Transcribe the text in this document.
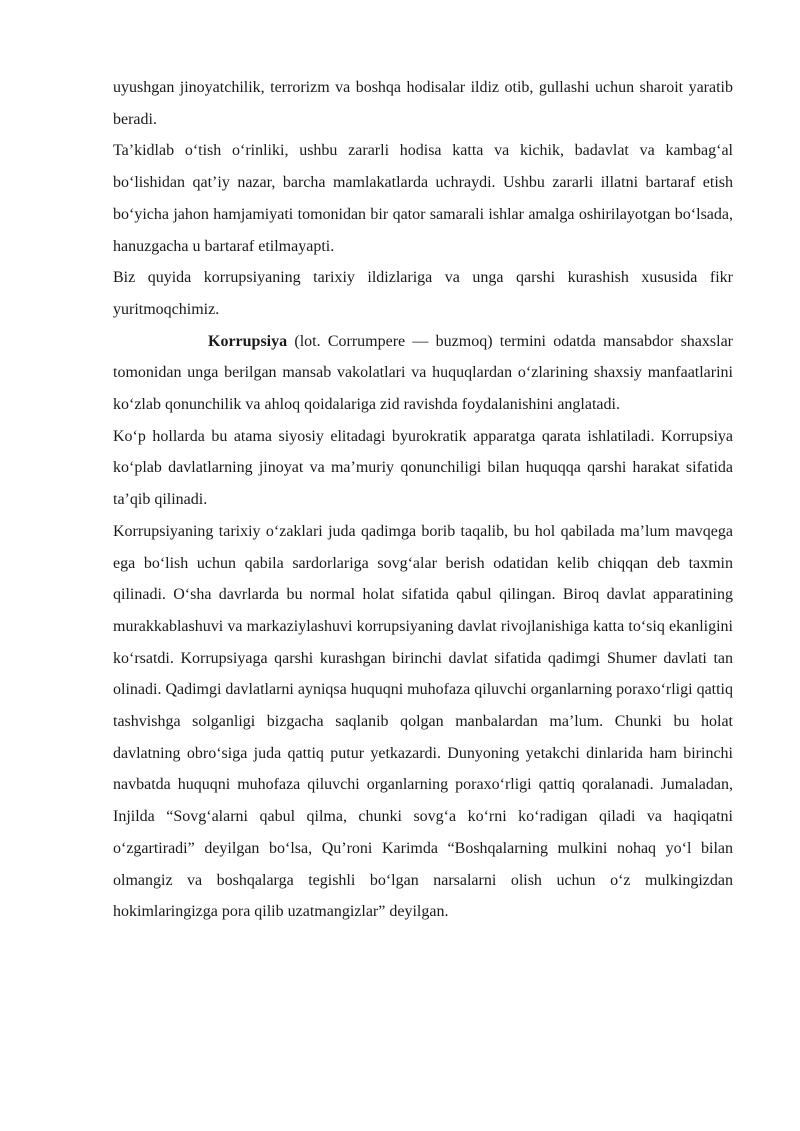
uyushgan jinoyatchilik, terrorizm va boshqa hodisalar ildiz otib, gullashi uchun sharoit yaratib beradi.

Ta’kidlab o‘tish o‘rinliki, ushbu zararli hodisa katta va kichik, badavlat va kambag‘al bo‘lishidan qat’iy nazar, barcha mamlakatlarda uchraydi. Ushbu zararli illatni bartaraf etish bo‘yicha jahon hamjamiyati tomonidan bir qator samarali ishlar amalga oshirilayotgan bo‘lsada, hanuzgacha u bartaraf etilmayapti.

Biz quyida korrupsiyaning tarixiy ildizlariga va unga qarshi kurashish xususida fikr yuritmoqchimiz.

Korrupsiya (lot. Corrumpere — buzmoq) termini odatda mansabdor shaxslar tomonidan unga berilgan mansab vakolatlari va huquqlardan o‘zlarining shaxsiy manfaatlarini ko‘zlab qonunchilik va ahloq qoidalariga zid ravishda foydalanishini anglatadi.

Ko‘p hollarda bu atama siyosiy elitadagi byurokratik apparatga qarata ishlatiladi. Korrupsiya ko‘plab davlatlarning jinoyat va ma’muriy qonunchiligi bilan huquqqa qarshi harakat sifatida ta’qib qilinadi.

Korrupsiyaning tarixiy o‘zaklari juda qadimga borib taqalib, bu hol qabilada ma’lum mavqega ega bo‘lish uchun qabila sardorlariga sovg‘alar berish odatidan kelib chiqqan deb taxmin qilinadi. O‘sha davrlarda bu normal holat sifatida qabul qilingan. Biroq davlat apparatining murakkablashuvi va markaziylashuvi korrupsiyaning davlat rivojlanishiga katta to‘siq ekanligini ko‘rsatdi. Korrupsiyaga qarshi kurashgan birinchi davlat sifatida qadimgi Shumer davlati tan olinadi. Qadimgi davlatlarni ayniqsa huquqni muhofaza qiluvchi organlarning poraxo‘rligi qattiq tashvishga solganligi bizgacha saqlanib qolgan manbalardan ma’lum. Chunki bu holat davlatning obro‘siga juda qattiq putur yetkazardi. Dunyoning yetakchi dinlarida ham birinchi navbatda huquqni muhofaza qiluvchi organlarning poraxo‘rligi qattiq qoralanadi. Jumaladan, Injilda “Sovg‘alarni qabul qilma, chunki sovg‘a ko‘rni ko‘radigan qiladi va haqiqatni o‘zgartiradi” deyilgan bo‘lsa, Qu’roni Karimda “Boshqalarning mulkini nohaq yo‘l bilan olmangiz va boshqalarga tegishli bo‘lgan narsalarni olish uchun o‘z mulkingizdan hokimlaringizga pora qilib uzatmangizlar” deyilgan.
